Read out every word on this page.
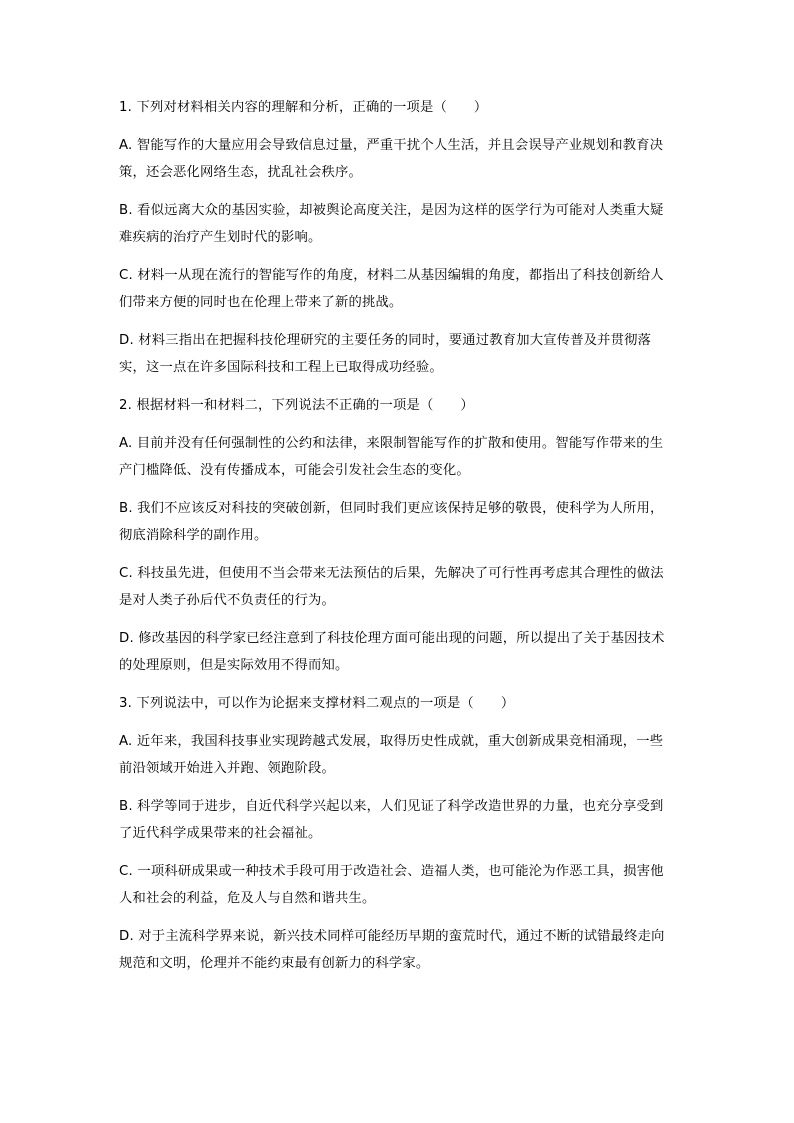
1. 下列对材料相关内容的理解和分析，正确的一项是（　　）

A. 智能写作的大量应用会导致信息过量，严重干扰个人生活，并且会误导产业规划和教育决策，还会恶化网络生态，扰乱社会秩序。

B. 看似远离大众的基因实验，却被舆论高度关注，是因为这样的医学行为可能对人类重大疑难疾病的治疗产生划时代的影响。

C. 材料一从现在流行的智能写作的角度，材料二从基因编辑的角度，都指出了科技创新给人们带来方便的同时也在伦理上带来了新的挑战。

D. 材料三指出在把握科技伦理研究的主要任务的同时，要通过教育加大宣传普及并贯彻落实，这一点在许多国际科技和工程上已取得成功经验。

2. 根据材料一和材料二，下列说法不正确的一项是（　　）

A. 目前并没有任何强制性的公约和法律，来限制智能写作的扩散和使用。智能写作带来的生产门槛降低、没有传播成本，可能会引发社会生态的变化。

B. 我们不应该反对科技的突破创新，但同时我们更应该保持足够的敬畏，使科学为人所用，彻底消除科学的副作用。

C. 科技虽先进，但使用不当会带来无法预估的后果，先解决了可行性再考虑其合理性的做法是对人类子孙后代不负责任的行为。

D. 修改基因的科学家已经注意到了科技伦理方面可能出现的问题，所以提出了关于基因技术的处理原则，但是实际效用不得而知。

3. 下列说法中，可以作为论据来支撑材料二观点的一项是（　　）

A. 近年来，我国科技事业实现跨越式发展，取得历史性成就，重大创新成果竞相涌现，一些前沿领域开始进入并跑、领跑阶段。

B. 科学等同于进步，自近代科学兴起以来，人们见证了科学改造世界的力量，也充分享受到了近代科学成果带来的社会福祉。

C. 一项科研成果或一种技术手段可用于改造社会、造福人类，也可能沦为作恶工具，损害他人和社会的利益，危及人与自然和谐共生。

D. 对于主流科学界来说，新兴技术同样可能经历早期的蛮荒时代，通过不断的试错最终走向规范和文明，伦理并不能约束最有创新力的科学家。
